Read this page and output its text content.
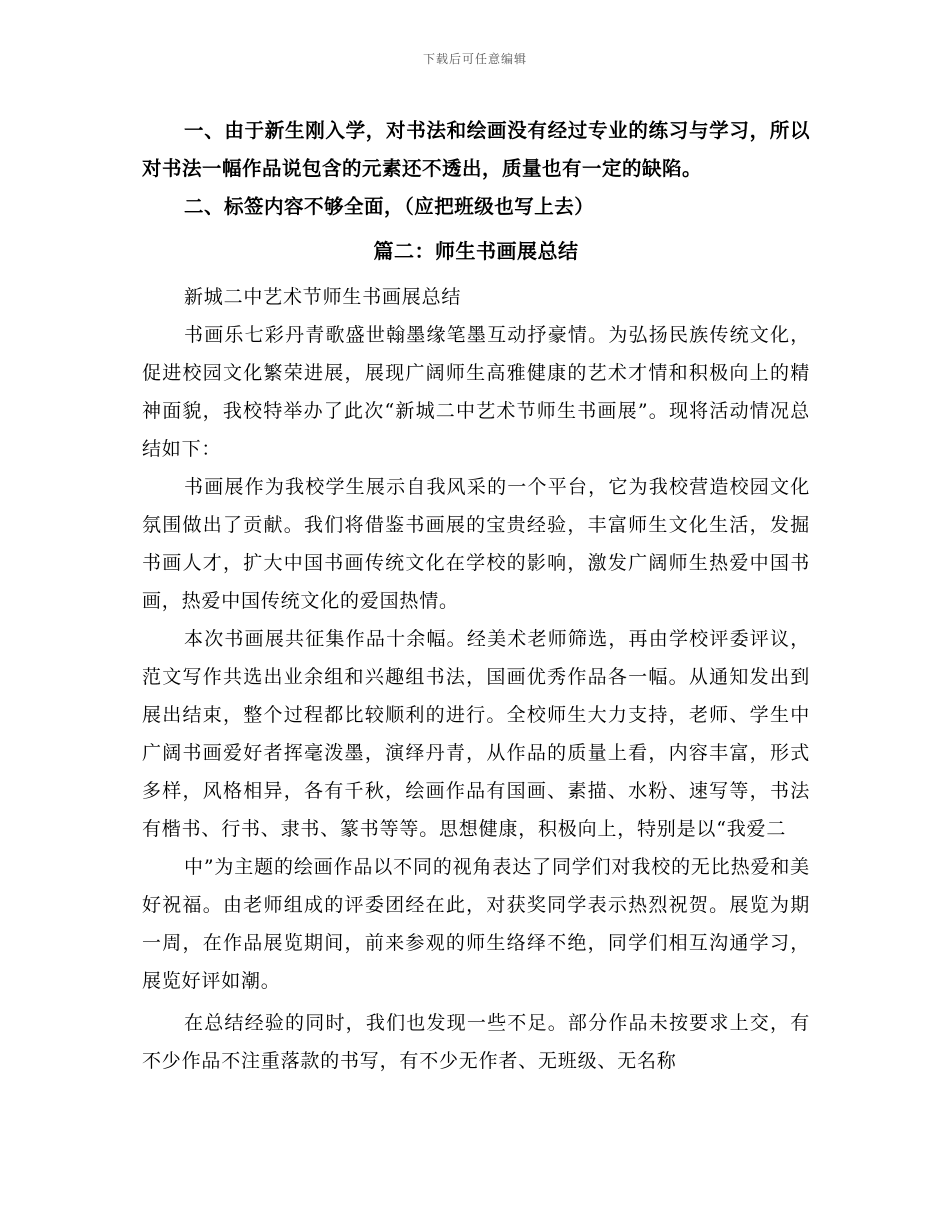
下载后可任意编辑

一、由于新生刚入学，对书法和绘画没有经过专业的练习与学习，所以对书法一幅作品说包含的元素还不透出，质量也有一定的缺陷。

二、标签内容不够全面，（应把班级也写上去）

篇二：师生书画展总结

新城二中艺术节师生书画展总结

书画乐七彩丹青歌盛世翰墨缘笔墨互动抒豪情。为弘扬民族传统文化，促进校园文化繁荣进展，展现广阔师生高雅健康的艺术才情和积极向上的精神面貌，我校特举办了此次“新城二中艺术节师生书画展”。现将活动情况总结如下：

书画展作为我校学生展示自我风采的一个平台，它为我校营造校园文化氛围做出了贡献。我们将借鉴书画展的宝贵经验，丰富师生文化生活，发掘书画人才，扩大中国书画传统文化在学校的影响，激发广阔师生热爱中国书画，热爱中国传统文化的爱国热情。

本次书画展共征集作品十余幅。经美术老师筛选，再由学校评委评议，范文写作共选出业余组和兴趣组书法，国画优秀作品各一幅。从通知发出到展出结束，整个过程都比较顺利的进行。全校师生大力支持，老师、学生中广阔书画爱好者挥毫泼墨，演绎丹青，从作品的质量上看，内容丰富，形式多样，风格相异，各有千秋，绘画作品有国画、素描、水粉、速写等，书法有楷书、行书、隶书、篆书等等。思想健康，积极向上，特别是以“我爱二

中”为主题的绘画作品以不同的视角表达了同学们对我校的无比热爱和美好祝福。由老师组成的评委团经在此，对获奖同学表示热烈祝贺。展览为期一周，在作品展览期间，前来参观的师生络绎不绝，同学们相互沟通学习，展览好评如潮。

在总结经验的同时，我们也发现一些不足。部分作品未按要求上交，有不少作品不注重落款的书写，有不少无作者、无班级、无名称
